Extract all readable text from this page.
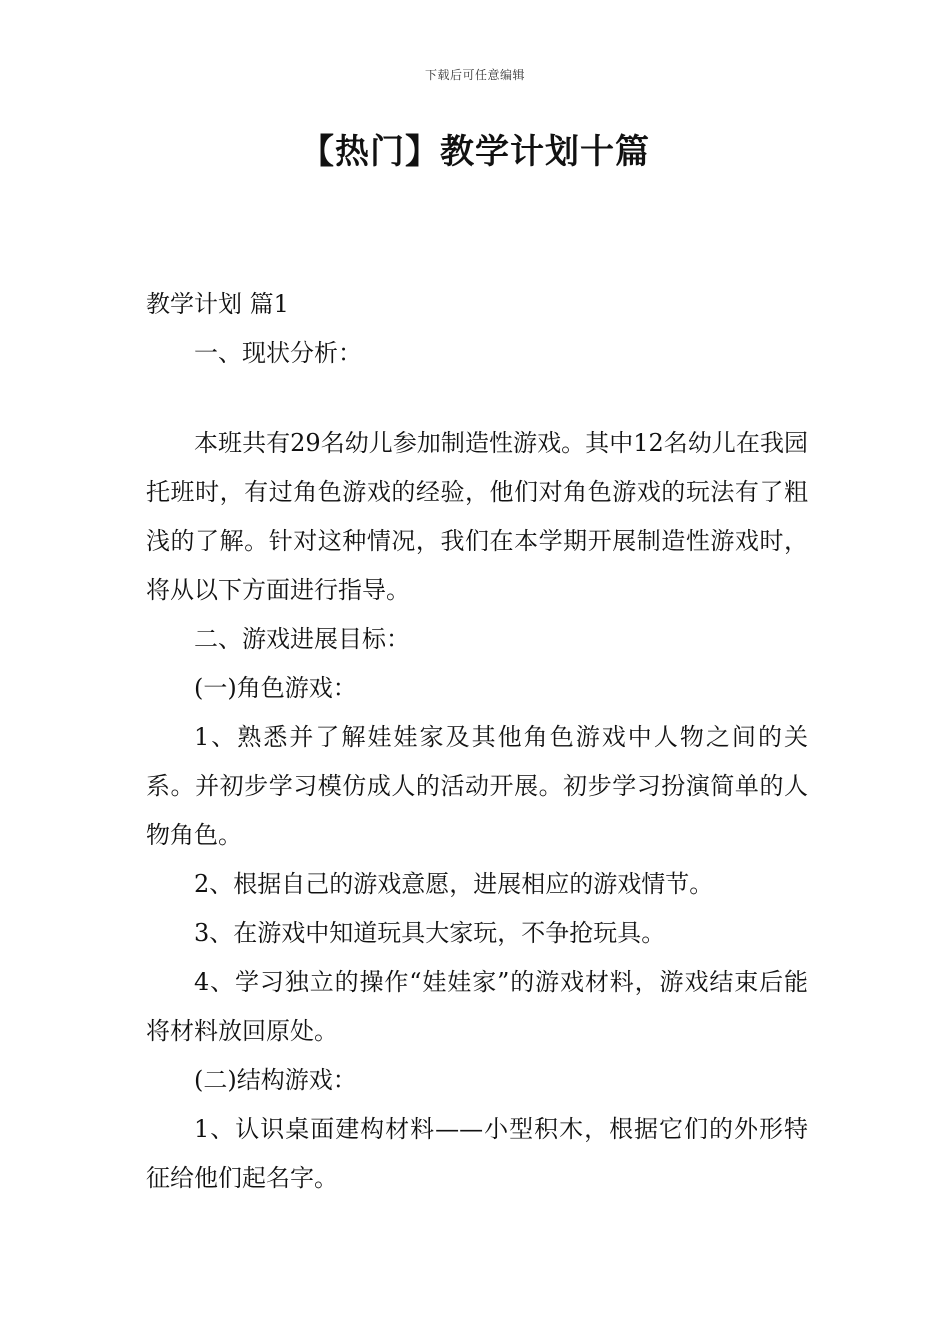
下载后可任意编辑
【热门】教学计划十篇

教学计划 篇1

一、现状分析：

本班共有29名幼儿参加制造性游戏。其中12名幼儿在我园托班时，有过角色游戏的经验，他们对角色游戏的玩法有了粗浅的了解。针对这种情况，我们在本学期开展制造性游戏时，将从以下方面进行指导。

二、游戏进展目标：

(一)角色游戏：

1、熟悉并了解娃娃家及其他角色游戏中人物之间的关系。并初步学习模仿成人的活动开展。初步学习扮演简单的人物角色。

2、根据自己的游戏意愿，进展相应的游戏情节。

3、在游戏中知道玩具大家玩，不争抢玩具。

4、学习独立的操作“娃娃家”的游戏材料，游戏结束后能将材料放回原处。

(二)结构游戏：

1、认识桌面建构材料——小型积木，根据它们的外形特征给他们起名字。
